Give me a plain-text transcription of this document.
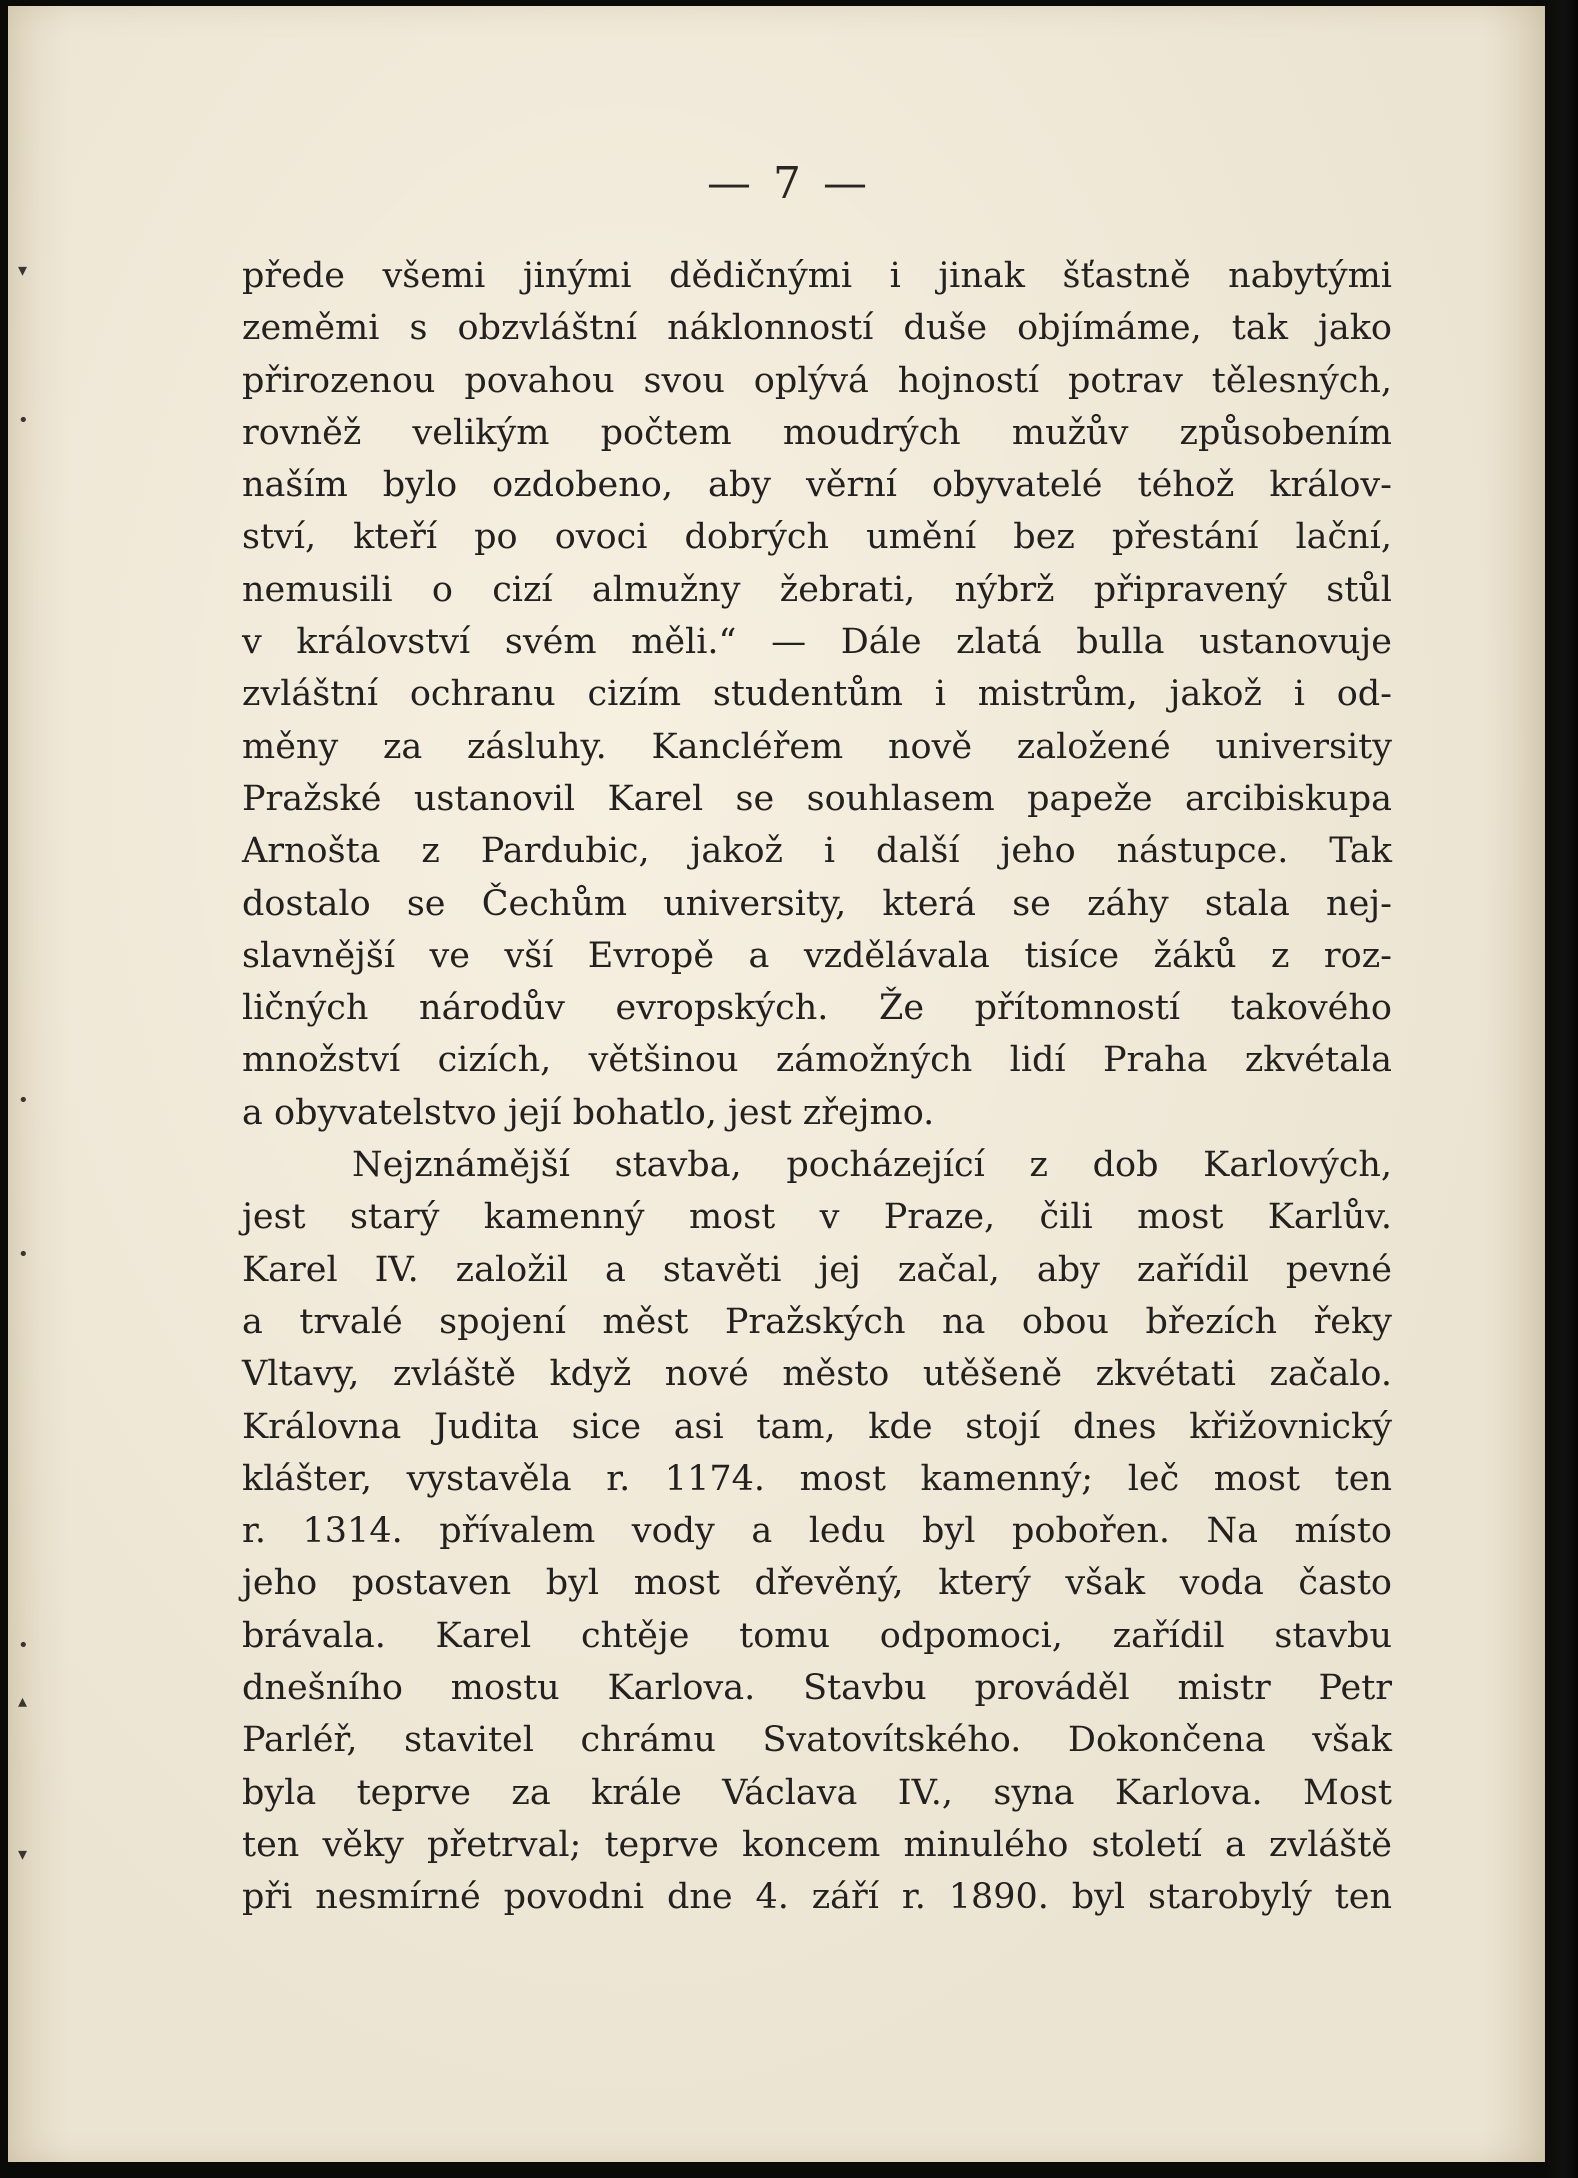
▾
•
•
•
•
▴
▾
— 7 —
přede všemi jinými dědičnými i jinak šťastně nabytými
zeměmi s obzvláštní náklonností duše objímáme, tak jako
přirozenou povahou svou oplývá hojností potrav tělesných,
rovněž velikým počtem moudrých mužův způsobením
naším bylo ozdobeno, aby věrní obyvatelé téhož králov-
ství, kteří po ovoci dobrých umění bez přestání lační,
nemusili o cizí almužny žebrati, nýbrž připravený stůl
v království svém měli.“ — Dále zlatá bulla ustanovuje
zvláštní ochranu cizím studentům i mistrům, jakož i od-
měny za zásluhy. Kancléřem nově založené university
Pražské ustanovil Karel se souhlasem papeže arcibiskupa
Arnošta z Pardubic, jakož i další jeho nástupce. Tak
dostalo se Čechům university, která se záhy stala nej-
slavnější ve vší Evropě a vzdělávala tisíce žáků z roz-
ličných národův evropských. Že přítomností takového
množství cizích, většinou zámožných lidí Praha zkvétala
a obyvatelstvo její bohatlo, jest zřejmo.
Nejznámější stavba, pocházející z dob Karlových,
jest starý kamenný most v Praze, čili most Karlův.
Karel IV. založil a stavěti jej začal, aby zařídil pevné
a trvalé spojení měst Pražských na obou březích řeky
Vltavy, zvláště když nové město utěšeně zkvétati začalo.
Královna Judita sice asi tam, kde stojí dnes křižovnický
klášter, vystavěla r. 1174. most kamenný; leč most ten
r. 1314. přívalem vody a ledu byl pobořen. Na místo
jeho postaven byl most dřevěný, který však voda často
brávala. Karel chtěje tomu odpomoci, zařídil stavbu
dnešního mostu Karlova. Stavbu prováděl mistr Petr
Parléř, stavitel chrámu Svatovítského. Dokončena však
byla teprve za krále Václava IV., syna Karlova. Most
ten věky přetrval; teprve koncem minulého století a zvláště
při nesmírné povodni dne 4. září r. 1890. byl starobylý ten
